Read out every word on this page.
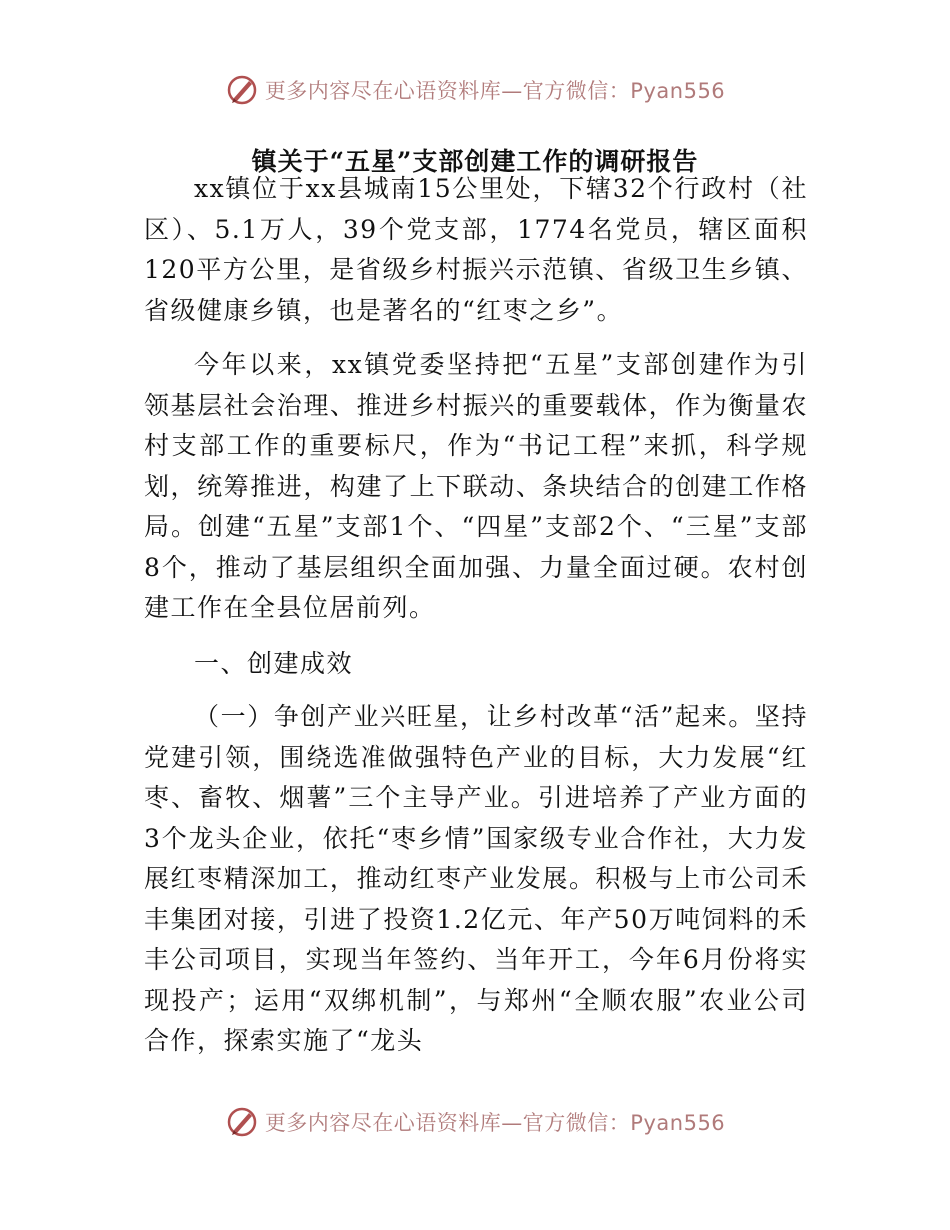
更多内容尽在心语资料库—官方微信：Pyan556
镇关于“五星”支部创建工作的调研报告

xx镇位于xx县城南15公里处，下辖32个行政村（社区）、5.1万人，39个党支部，1774名党员，辖区面积120平方公里，是省级乡村振兴示范镇、省级卫生乡镇、省级健康乡镇，也是著名的“红枣之乡”。

今年以来，xx镇党委坚持把“五星”支部创建作为引领基层社会治理、推进乡村振兴的重要载体，作为衡量农村支部工作的重要标尺，作为“书记工程”来抓，科学规划，统筹推进，构建了上下联动、条块结合的创建工作格局。创建“五星”支部1个、“四星”支部2个、“三星”支部8个，推动了基层组织全面加强、力量全面过硬。农村创建工作在全县位居前列。

一、创建成效

（一）争创产业兴旺星，让乡村改革“活”起来。坚持党建引领，围绕选准做强特色产业的目标，大力发展“红枣、畜牧、烟薯”三个主导产业。引进培养了产业方面的3个龙头企业，依托“枣乡情”国家级专业合作社，大力发展红枣精深加工，推动红枣产业发展。积极与上市公司禾丰集团对接，引进了投资1.2亿元、年产50万吨饲料的禾丰公司项目，实现当年签约、当年开工，今年6月份将实现投产；运用“双绑机制”，与郑州“全顺农服”农业公司合作，探索实施了“龙头

更多内容尽在心语资料库—官方微信：Pyan556
